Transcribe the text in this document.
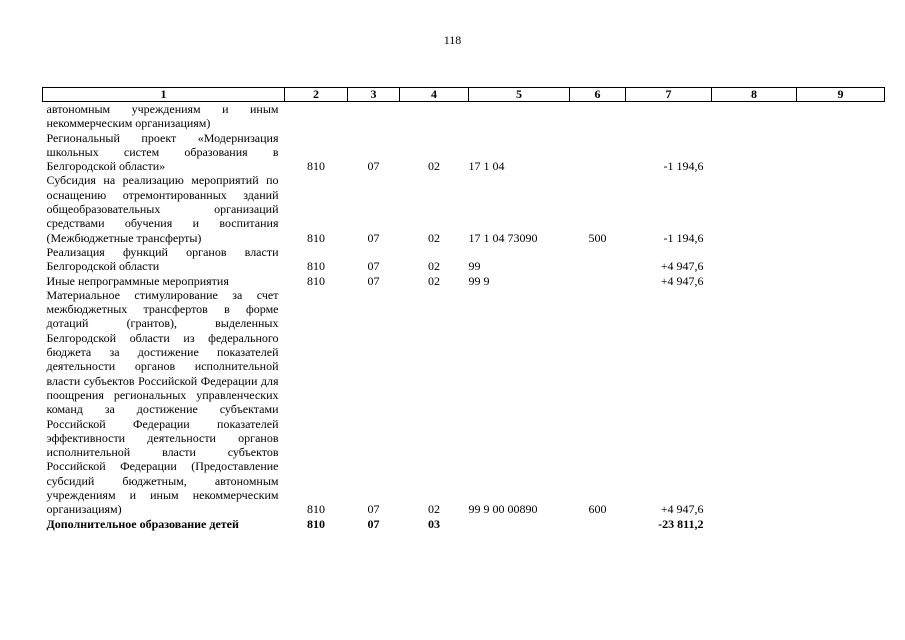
118
1	2	3	4	5	6	7	8	9
автономным учреждениям и иным некоммерческим организациям)								
Региональный проект «Модернизация школьных систем образования в Белгородской области»	810	07	02	17 1 04		-1 194,6		
Субсидия на реализацию мероприятий по оснащению отремонтированных зданий общеобразовательных организаций средствами обучения и воспитания (Межбюджетные трансферты)	810	07	02	17 1 04 73090	500	-1 194,6		
Реализация функций органов власти Белгородской области	810	07	02	99		+4 947,6		
Иные непрограммные мероприятия	810	07	02	99 9		+4 947,6		
Материальное стимулирование за счет межбюджетных трансфертов в форме дотаций (грантов), выделенных Белгородской области из федерального бюджета за достижение показателей деятельности органов исполнительной власти субъектов Российской Федерации для поощрения региональных управленческих команд за достижение субъектами Российской Федерации показателей эффективности деятельности органов исполнительной власти субъектов Российской Федерации (Предоставление субсидий бюджетным, автономным учреждениям и иным некоммерческим организациям)	810	07	02	99 9 00 00890	600	+4 947,6		
Дополнительное образование детей	810	07	03			-23 811,2		
